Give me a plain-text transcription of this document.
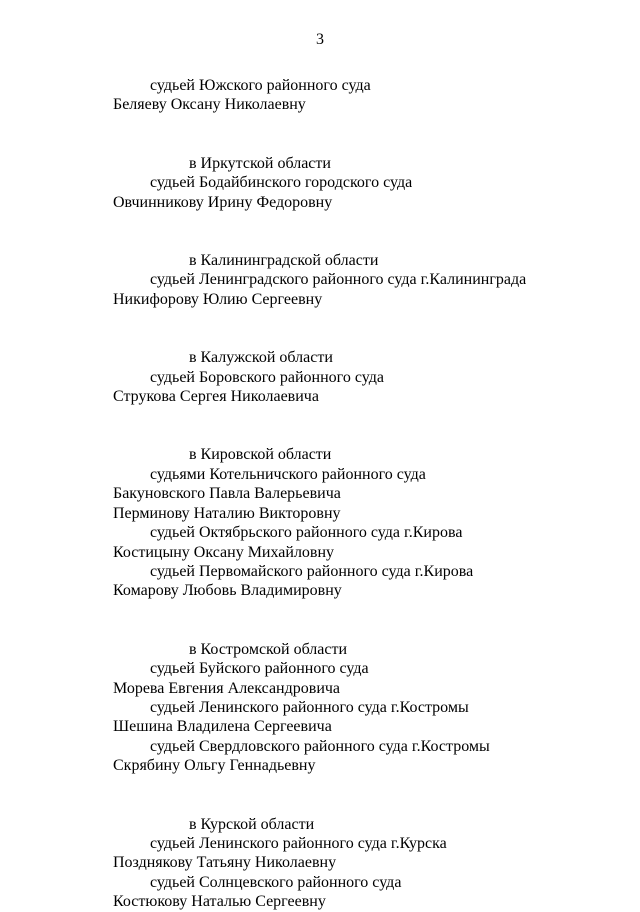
3
судьей Южского районного суда
Беляеву Оксану Николаевну
в Иркутской области
судьей Бодайбинского городского суда
Овчинникову Ирину Федоровну
в Калининградской области
судьей Ленинградского районного суда г.Калининграда
Никифорову Юлию Сергеевну
в Калужской области
судьей Боровского районного суда
Струкова Сергея Николаевича
в Кировской области
судьями Котельничского районного суда
Бакуновского Павла Валерьевича
Перминову Наталию Викторовну
судьей Октябрьского районного суда г.Кирова
Костицыну Оксану Михайловну
судьей Первомайского районного суда г.Кирова
Комарову Любовь Владимировну
в Костромской области
судьей Буйского районного суда
Морева Евгения Александровича
судьей Ленинского районного суда г.Костромы
Шешина Владилена Сергеевича
судьей Свердловского районного суда г.Костромы
Скрябину Ольгу Геннадьевну
в Курской области
судьей Ленинского районного суда г.Курска
Позднякову Татьяну Николаевну
судьей Солнцевского районного суда
Костюкову Наталью Сергеевну
